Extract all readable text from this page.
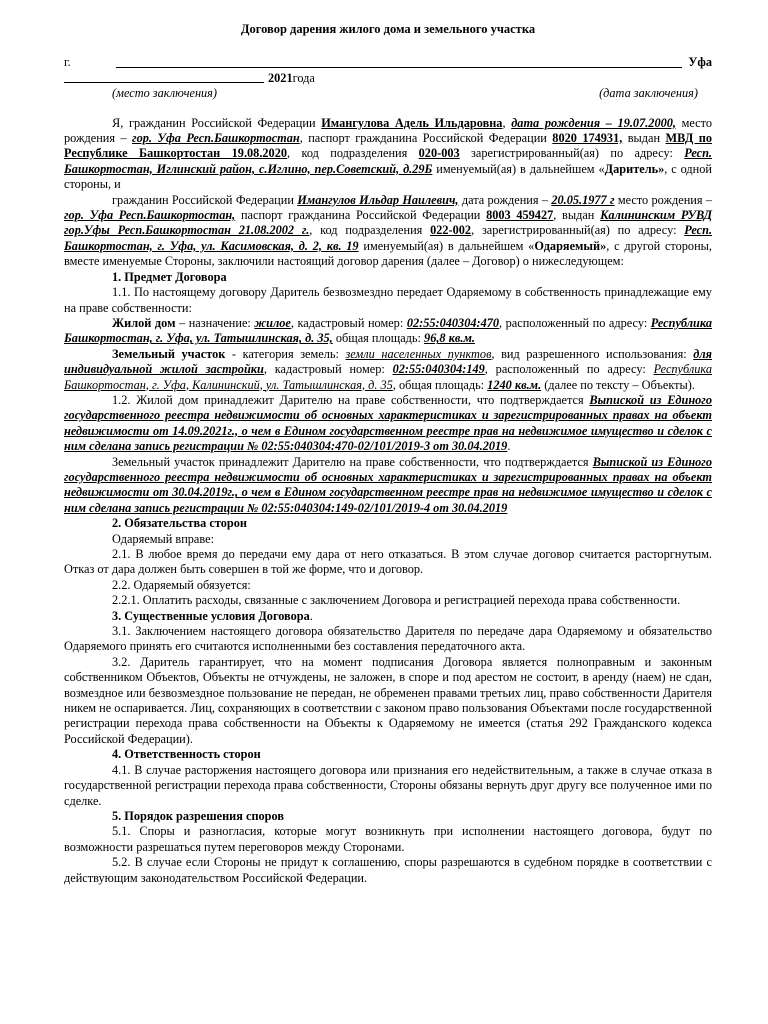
Договор дарения жилого дома и земельного участка
г.	Уфа
2021 года
(место заключения)	(дата заключения)

Я, гражданин Российской Федерации Имангулова Адель Ильдаровна, дата рождения – 19.07.2000, место рождения – гор. Уфа Респ.Башкортостан, паспорт гражданина Российской Федерации 8020 174931, выдан МВД по Республике Башкортостан 19.08.2020, код подразделения 020-003 зарегистрированный(ая) по адресу: Респ. Башкортостан, Иглинский район, с.Иглино, пер.Советский, д.29Б именуемый(ая) в дальнейшем «Даритель», с одной стороны, и

гражданин Российской Федерации Имангулов Ильдар Наилевич, дата рождения – 20.05.1977 г место рождения – гор. Уфа Респ.Башкортостан, паспорт гражданина Российской Федерации 8003 459427, выдан Калининским РУВД гор.Уфы Респ.Башкортостан 21.08.2002 г., код подразделения 022-002, зарегистрированный(ая) по адресу: Респ. Башкортостан, г. Уфа, ул. Касимовская, д. 2, кв. 19 именуемый(ая) в дальнейшем «Одаряемый», с другой стороны, вместе именуемые Стороны, заключили настоящий договор дарения (далее – Договор) о нижеследующем:

1. Предмет Договора

1.1. По настоящему договору Даритель безвозмездно передает Одаряемому в собственность принадлежащие ему на праве собственности:

Жилой дом – назначение: жилое, кадастровый номер: 02:55:040304:470, расположенный по адресу: Республика Башкортостан, г. Уфа, ул. Татышлинская, д. 35, общая площадь: 96,8 кв.м.

Земельный участок - категория земель: земли населенных пунктов, вид разрешенного использования: для индивидуальной жилой застройки, кадастровый номер: 02:55:040304:149, расположенный по адресу: Республика Башкортостан, г. Уфа, Калининский, ул. Татышлинская, д. 35, общая площадь: 1240 кв.м. (далее по тексту – Объекты).

1.2. Жилой дом принадлежит Дарителю на праве собственности, что подтверждается Выпиской из Единого государственного реестра недвижимости об основных характеристиках и зарегистрированных правах на объект недвижимости от 14.09.2021г., о чем в Едином государственном реестре прав на недвижимое имущество и сделок с ним сделана запись регистрации № 02:55:040304:470-02/101/2019-3 от 30.04.2019.

Земельный участок принадлежит Дарителю на праве собственности, что подтверждается Выпиской из Единого государственного реестра недвижимости об основных характеристиках и зарегистрированных правах на объект недвижимости от 30.04.2019г., о чем в Едином государственном реестре прав на недвижимое имущество и сделок с ним сделана запись регистрации № 02:55:040304:149-02/101/2019-4 от 30.04.2019

2. Обязательства сторон

Одаряемый вправе:

2.1. В любое время до передачи ему дара от него отказаться. В этом случае договор считается расторгнутым. Отказ от дара должен быть совершен в той же форме, что и договор.

2.2. Одаряемый обязуется:

2.2.1. Оплатить расходы, связанные с заключением Договора и регистрацией перехода права собственности.

3. Существенные условия Договора.

3.1. Заключением настоящего договора обязательство Дарителя по передаче дара Одаряемому и обязательство Одаряемого принять его считаются исполненными без составления передаточного акта.

3.2. Даритель гарантирует, что на момент подписания Договора является полноправным и законным собственником Объектов, Объекты не отчуждены, не заложен, в споре и под арестом не состоит, в аренду (наем) не сдан, возмездное или безвозмездное пользование не передан, не обременен правами третьих лиц, право собственности Дарителя никем не оспаривается. Лиц, сохраняющих в соответствии с законом право пользования Объектами после государственной регистрации перехода права собственности на Объекты к Одаряемому не имеется (статья 292 Гражданского кодекса Российской Федерации).

4. Ответственность сторон

4.1. В случае расторжения настоящего договора или признания его недействительным, а также в случае отказа в государственной регистрации перехода права собственности, Стороны обязаны вернуть друг другу все полученное ими по сделке.

5. Порядок разрешения споров

5.1. Споры и разногласия, которые могут возникнуть при исполнении настоящего договора, будут по возможности разрешаться путем переговоров между Сторонами.

5.2. В случае если Стороны не придут к соглашению, споры разрешаются в судебном порядке в соответствии с действующим законодательством Российской Федерации.
